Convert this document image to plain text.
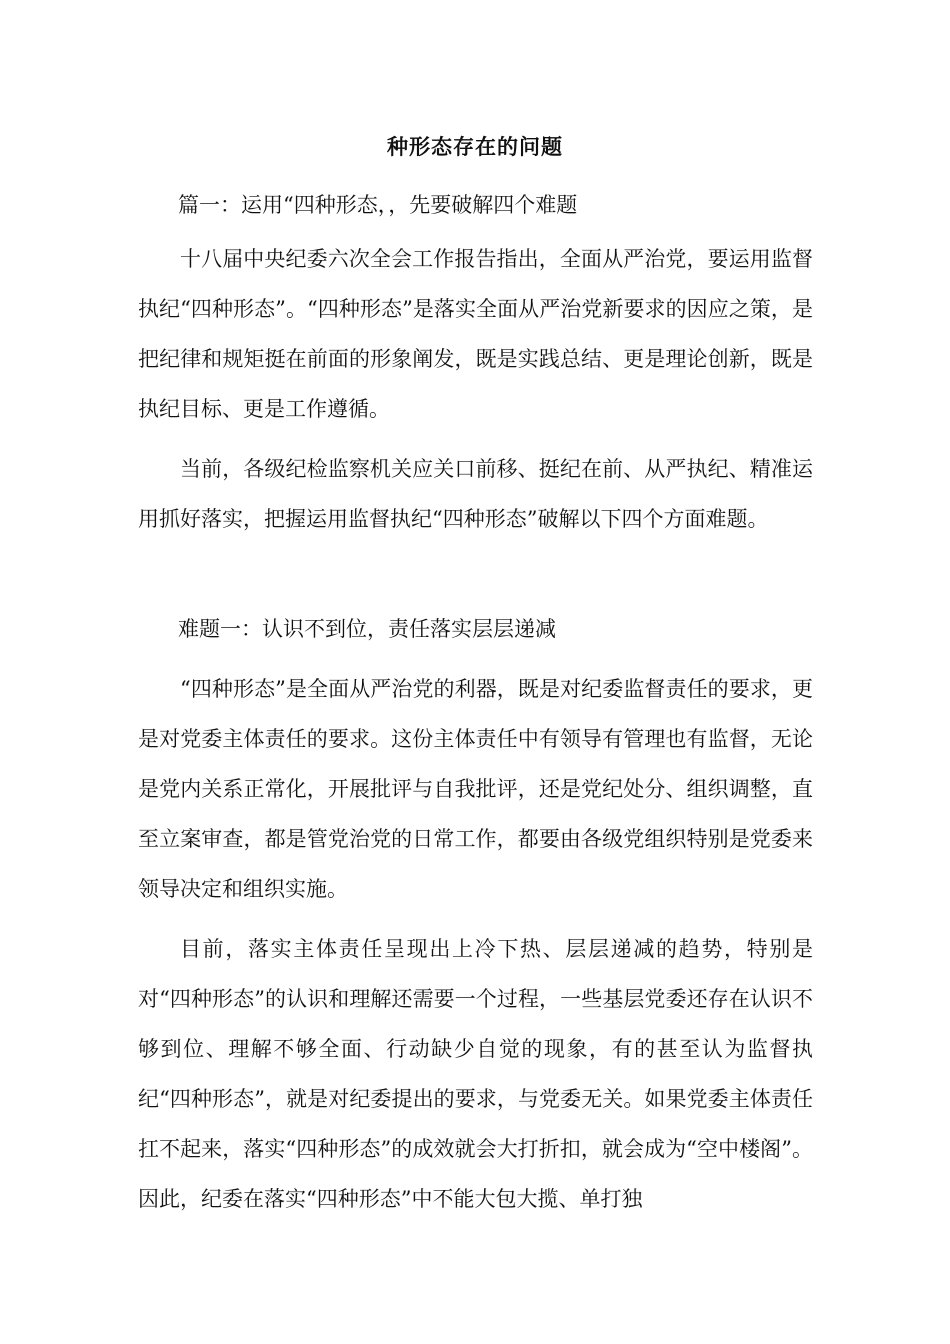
种形态存在的问题

篇一：运用“四种形态，，先要破解四个难题

十八届中央纪委六次全会工作报告指出，全面从严治党，要运用监督执纪“四种形态”。“四种形态”是落实全面从严治党新要求的因应之策，是把纪律和规矩挺在前面的形象阐发，既是实践总结、更是理论创新，既是执纪目标、更是工作遵循。

当前，各级纪检监察机关应关口前移、挺纪在前、从严执纪、精准运用抓好落实，把握运用监督执纪“四种形态”破解以下四个方面难题。

难题一：认识不到位，责任落实层层递减

“四种形态”是全面从严治党的利器，既是对纪委监督责任的要求，更是对党委主体责任的要求。这份主体责任中有领导有管理也有监督，无论是党内关系正常化，开展批评与自我批评，还是党纪处分、组织调整，直至立案审查，都是管党治党的日常工作，都要由各级党组织特别是党委来领导决定和组织实施。

目前，落实主体责任呈现出上冷下热、层层递减的趋势，特别是对“四种形态”的认识和理解还需要一个过程，一些基层党委还存在认识不够到位、理解不够全面、行动缺少自觉的现象，有的甚至认为监督执纪“四种形态”，就是对纪委提出的要求，与党委无关。如果党委主体责任扛不起来，落实“四种形态”的成效就会大打折扣，就会成为“空中楼阁”。因此，纪委在落实“四种形态”中不能大包大揽、单打独
